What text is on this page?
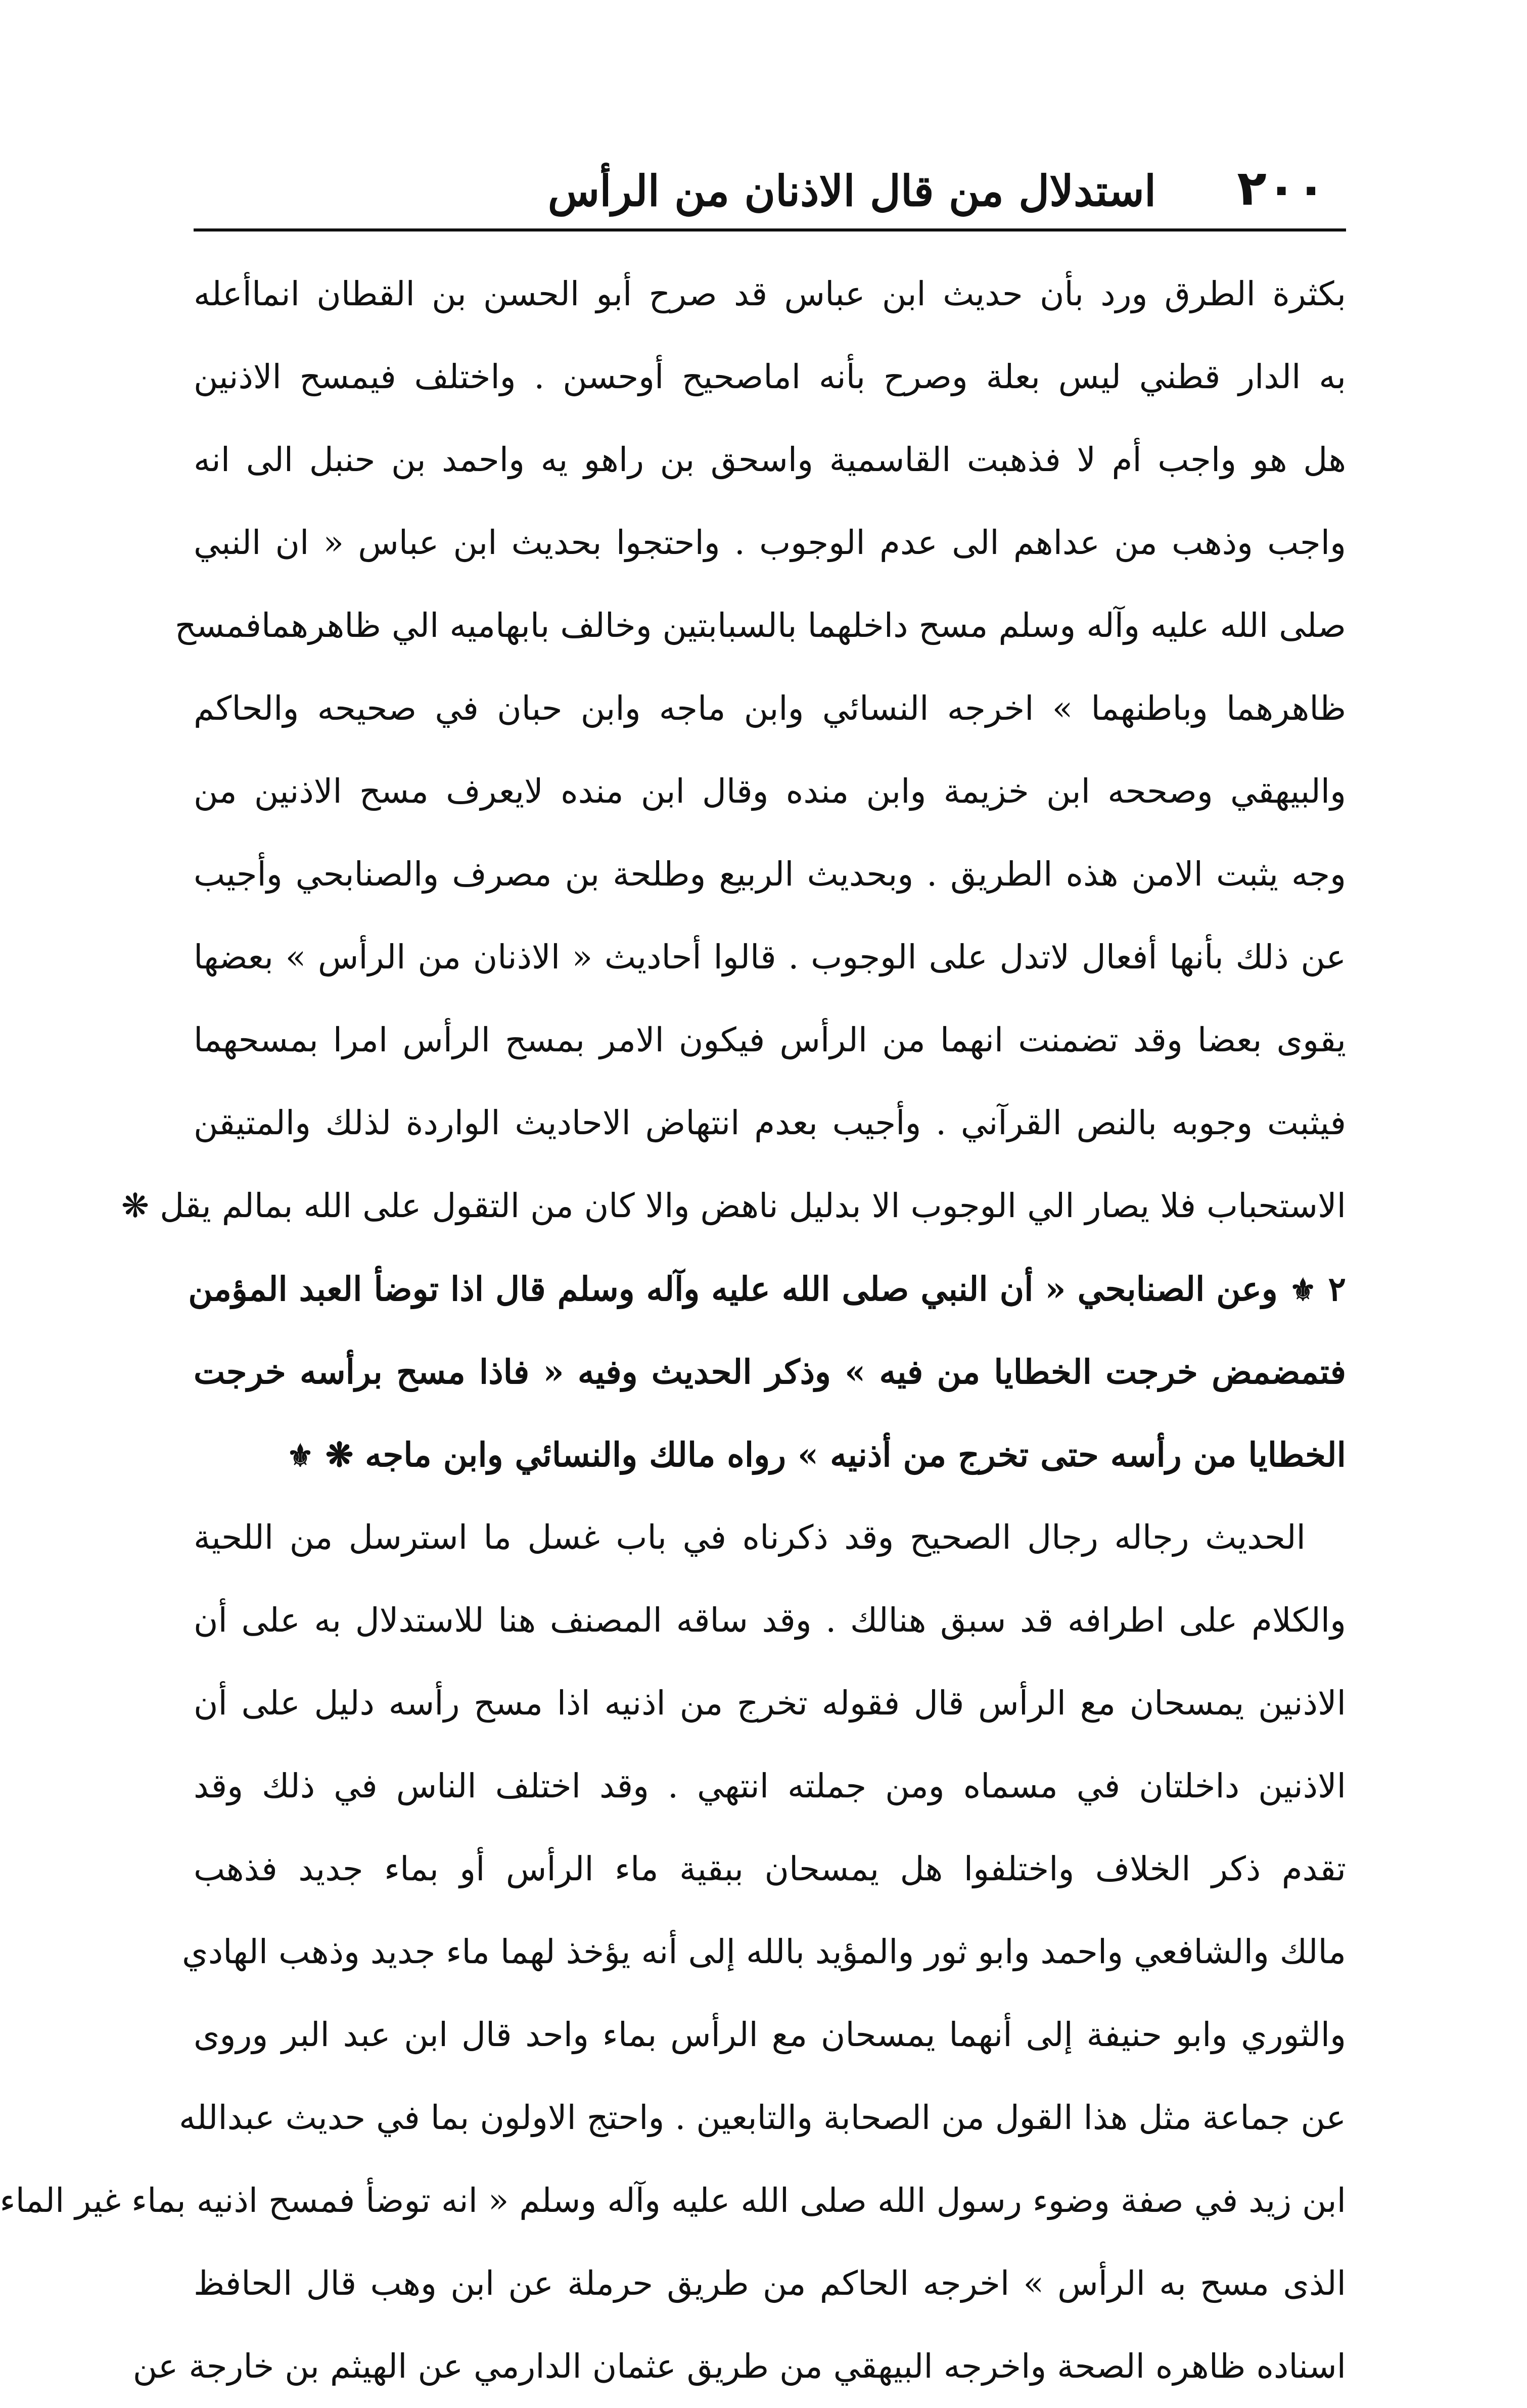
٢٠٠
استدلال من قال الاذنان من الرأس
بكثرة الطرق ورد بأن حديث ابن عباس قد صرح أبو الحسن بن القطان انماأعله
به الدار قطني ليس بعلة وصرح بأنه اماصحيح أوحسن . واختلف فيمسح الاذنين
هل هو واجب أم لا فذهبت القاسمية واسحق بن راهو يه واحمد بن حنبل الى انه
واجب وذهب من عداهم الى عدم الوجوب . واحتجوا بحديث ابن عباس « ان النبي
صلى الله عليه وآله وسلم مسح داخلهما بالسبابتين وخالف بابهاميه الي ظاهرهمافمسح
ظاهرهما وباطنهما » اخرجه النسائي وابن ماجه وابن حبان في صحيحه والحاكم
والبيهقي وصححه ابن خزيمة وابن منده وقال ابن منده لايعرف مسح الاذنين من
وجه يثبت الامن هذه الطريق . وبحديث الربيع وطلحة بن مصرف والصنابحي وأجيب
عن ذلك بأنها أفعال لاتدل على الوجوب . قالوا أحاديث « الاذنان من الرأس » بعضها
يقوى بعضا وقد تضمنت انهما من الرأس فيكون الامر بمسح الرأس امرا بمسحهما
فيثبت وجوبه بالنص القرآني . وأجيب بعدم انتهاض الاحاديث الواردة لذلك والمتيقن
الاستحباب فلا يصار الي الوجوب الا بدليل ناهض والا كان من التقول على الله بمالم يقل ❋
٢ ⚜ وعن الصنابحي « أن النبي صلى الله عليه وآله وسلم قال اذا توضأ العبد المؤمن
فتمضمض خرجت الخطايا من فيه » وذكر الحديث وفيه « فاذا مسح برأسه خرجت
الخطايا من رأسه حتى تخرج من أذنيه » رواه مالك والنسائي وابن ماجه ❋ ⚜
الحديث رجاله رجال الصحيح وقد ذكرناه في باب غسل ما استرسل من اللحية
والكلام على اطرافه قد سبق هنالك . وقد ساقه المصنف هنا للاستدلال به على أن
الاذنين يمسحان مع الرأس قال فقوله تخرج من اذنيه اذا مسح رأسه دليل على أن
الاذنين داخلتان في مسماه ومن جملته انتهي . وقد اختلف الناس في ذلك وقد
تقدم ذكر الخلاف واختلفوا هل يمسحان ببقية ماء الرأس أو بماء جديد فذهب
مالك والشافعي واحمد وابو ثور والمؤيد بالله إلى أنه يؤخذ لهما ماء جديد وذهب الهادي
والثوري وابو حنيفة إلى أنهما يمسحان مع الرأس بماء واحد قال ابن عبد البر وروى
عن جماعة مثل هذا القول من الصحابة والتابعين . واحتج الاولون بما في حديث عبدالله
ابن زيد في صفة وضوء رسول الله صلى الله عليه وآله وسلم « انه توضأ فمسح اذنيه بماء غير الماء
الذى مسح به الرأس » اخرجه الحاكم من طريق حرملة عن ابن وهب قال الحافظ
اسناده ظاهره الصحة واخرجه البيهقي من طريق عثمان الدارمي عن الهيثم بن خارجة عن
